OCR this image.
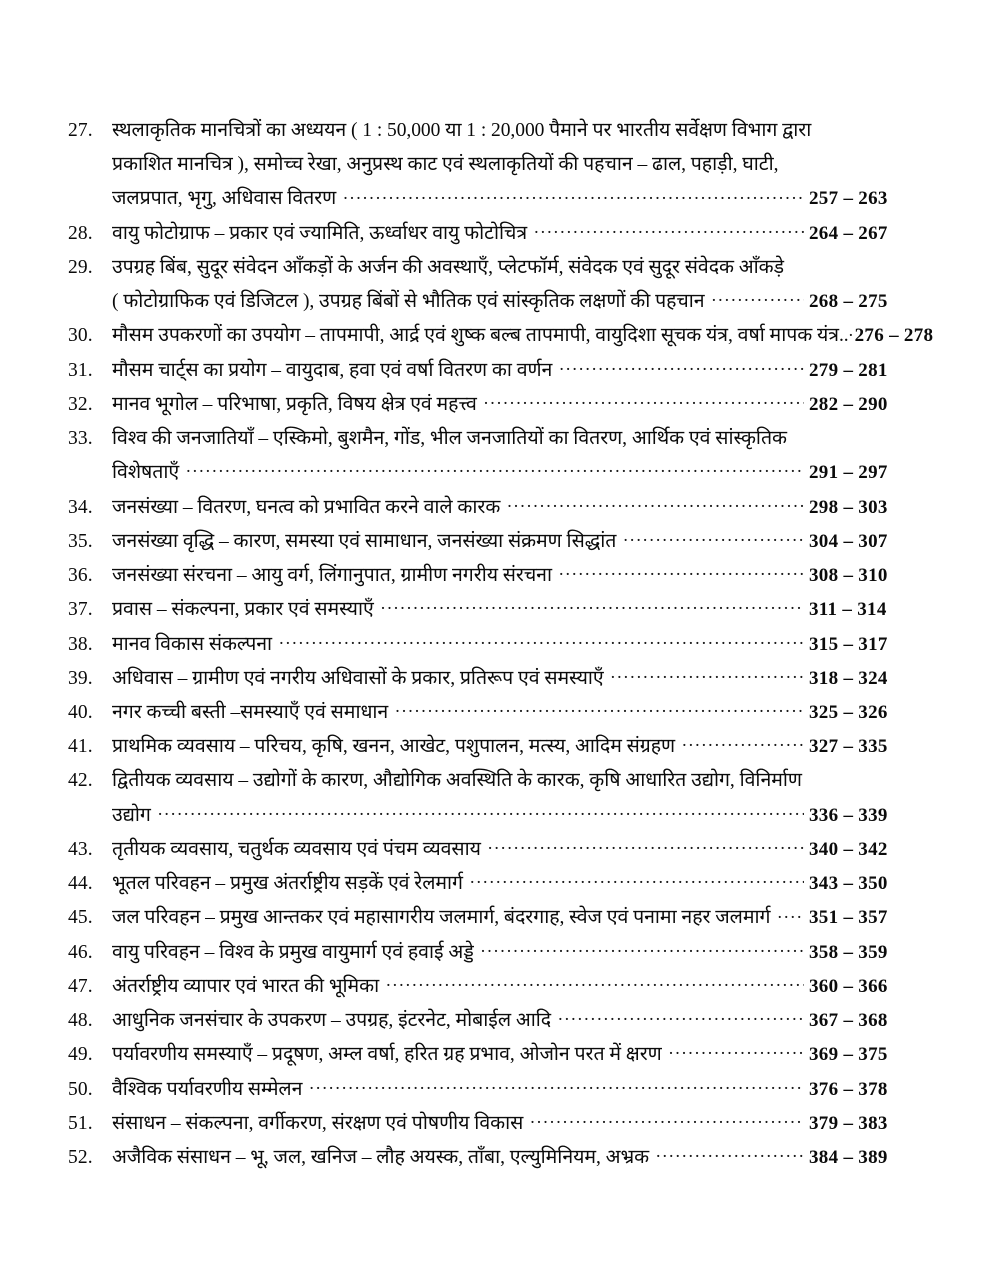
27. स्थलाकृतिक मानचित्रों का अध्ययन ( 1 : 50,000 या 1 : 20,000 पैमाने पर भारतीय सर्वेक्षण विभाग द्वारा
प्रकाशित मानचित्र ), समोच्च रेखा, अनुप्रस्थ काट एवं स्थलाकृतियों की पहचान – ढाल, पहाड़ी, घाटी,
जलप्रपात, भृगु, अधिवास वितरण .....	257 – 263
28. वायु फोटोग्राफ – प्रकार एवं ज्यामिति, ऊर्ध्वाधर वायु फोटोचित्र .....	264 – 267
29. उपग्रह बिंब, सुदूर संवेदन आँकड़ों के अर्जन की अवस्थाएँ, प्लेटफॉर्म, संवेदक एवं सुदूर संवेदक आँकड़े
( फोटोग्राफिक एवं डिजिटल ), उपग्रह बिंबों से भौतिक एवं सांस्कृतिक लक्षणों की पहचान .....	268 – 275
30. मौसम उपकरणों का उपयोग – तापमापी, आर्द्र एवं शुष्क बल्ब तापमापी, वायुदिशा सूचक यंत्र, वर्षा मापक यंत्र.. ..... 276 – 278
31. मौसम चार्ट्स का प्रयोग – वायुदाब, हवा एवं वर्षा वितरण का वर्णन .....	279 – 281
32. मानव भूगोल – परिभाषा, प्रकृति, विषय क्षेत्र एवं महत्त्व .....	282 – 290
33. विश्व की जनजातियाँ – एस्किमो, बुशमैन, गोंड, भील जनजातियों का वितरण, आर्थिक एवं सांस्कृतिक
विशेषताएँ .....	291 – 297
34. जनसंख्या – वितरण, घनत्व को प्रभावित करने वाले कारक .....	298 – 303
35. जनसंख्या वृद्धि – कारण, समस्या एवं सामाधान, जनसंख्या संक्रमण सिद्धांत .....	304 – 307
36. जनसंख्या संरचना – आयु वर्ग, लिंगानुपात, ग्रामीण नगरीय संरचना .....	308 – 310
37. प्रवास – संकल्पना, प्रकार एवं समस्याएँ .....	311 – 314
38. मानव विकास संकल्पना .....	315 – 317
39. अधिवास – ग्रामीण एवं नगरीय अधिवासों के प्रकार, प्रतिरूप एवं समस्याएँ .....	318 – 324
40. नगर कच्ची बस्ती –समस्याएँ एवं समाधान .....	325 – 326
41. प्राथमिक व्यवसाय – परिचय, कृषि, खनन, आखेट, पशुपालन, मत्स्य, आदिम संग्रहण .....	327 – 335
42. द्वितीयक व्यवसाय – उद्योगों के कारण, औद्योगिक अवस्थिति के कारक, कृषि आधारित उद्योग, विनिर्माण
उद्योग .....	336 – 339
43. तृतीयक व्यवसाय, चतुर्थक व्यवसाय एवं पंचम व्यवसाय .....	340 – 342
44. भूतल परिवहन – प्रमुख अंतर्राष्ट्रीय सड़कें एवं रेलमार्ग .....	343 – 350
45. जल परिवहन – प्रमुख आन्तकर एवं महासागरीय जलमार्ग, बंदरगाह, स्वेज एवं पनामा नहर जलमार्ग ..... 351 – 357
46. वायु परिवहन – विश्व के प्रमुख वायुमार्ग एवं हवाई अड्डे .....	358 – 359
47. अंतर्राष्ट्रीय व्यापार एवं भारत की भूमिका .....	360 – 366
48. आधुनिक जनसंचार के उपकरण – उपग्रह, इंटरनेट, मोबाईल आदि .....	367 – 368
49. पर्यावरणीय समस्याएँ – प्रदूषण, अम्ल वर्षा, हरित ग्रह प्रभाव, ओजोन परत में क्षरण .....	369 – 375
50. वैश्विक पर्यावरणीय सम्मेलन .....	376 – 378
51. संसाधन – संकल्पना, वर्गीकरण, संरक्षण एवं पोषणीय विकास .....	379 – 383
52. अजैविक संसाधन – भू, जल, खनिज – लौह अयस्क, ताँबा, एल्युमिनियम, अभ्रक .....	384 – 389
